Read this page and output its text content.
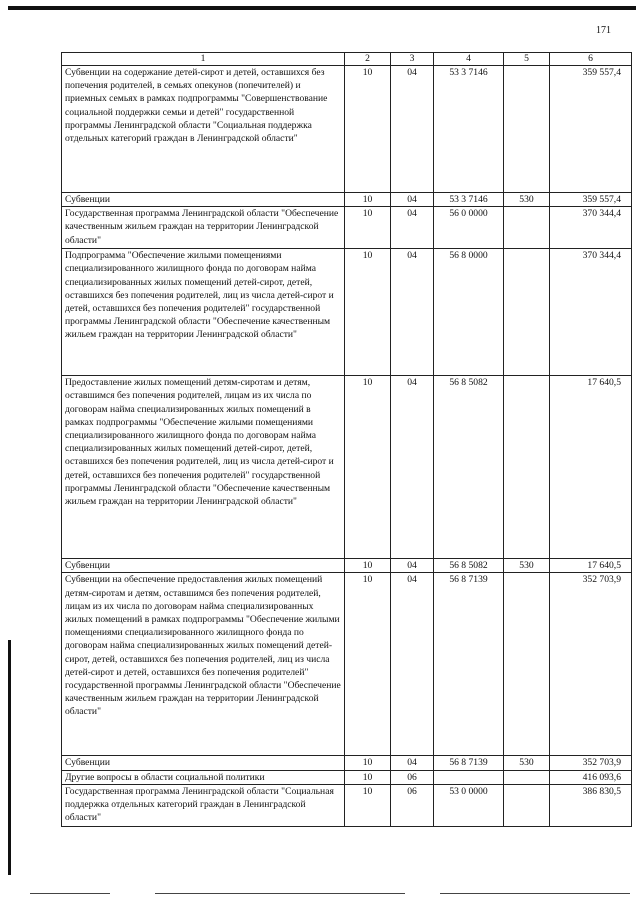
171
1	2	3	4	5	6
Субвенции на содержание детей-сирот и детей, оставшихся без попечения родителей, в семьях опекунов (попечителей) и приемных семьях в рамках подпрограммы "Совершенствование социальной поддержки семьи и детей" государственной программы Ленинградской области "Социальная поддержка отдельных категорий граждан в Ленинградской области"	10	04	53 3 7146		359 557,4
Субвенции	10	04	53 3 7146	530	359 557,4
Государственная программа Ленинградской области "Обеспечение качественным жильем граждан на территории Ленинградской области"	10	04	56 0 0000		370 344,4
Подпрограмма "Обеспечение жилыми помещениями специализированного жилищного фонда по договорам найма специализированных жилых помещений детей-сирот, детей, оставшихся без попечения родителей, лиц из числа детей-сирот и детей, оставшихся без попечения родителей" государственной программы Ленинградской области "Обеспечение качественным жильем граждан на территории Ленинградской области"	10	04	56 8 0000		370 344,4
Предоставление жилых помещений детям-сиротам и детям, оставшимся без попечения родителей, лицам из их числа по договорам найма специализированных жилых помещений в рамках подпрограммы "Обеспечение жилыми помещениями специализированного жилищного фонда по договорам найма специализированных жилых помещений детей-сирот, детей, оставшихся без попечения родителей, лиц из числа детей-сирот и детей, оставшихся без попечения родителей" государственной программы Ленинградской области "Обеспечение качественным жильем граждан на территории Ленинградской области"	10	04	56 8 5082		17 640,5
Субвенции	10	04	56 8 5082	530	17 640,5
Субвенции на обеспечение предоставления жилых помещений детям-сиротам и детям, оставшимся без попечения родителей, лицам из их числа по договорам найма специализированных жилых помещений в рамках подпрограммы "Обеспечение жилыми помещениями специализированного жилищного фонда по договорам найма специализированных жилых помещений детей-сирот, детей, оставшихся без попечения родителей, лиц из числа детей-сирот и детей, оставшихся без попечения родителей" государственной программы Ленинградской области "Обеспечение качественным жильем граждан на территории Ленинградской области"	10	04	56 8 7139		352 703,9
Субвенции	10	04	56 8 7139	530	352 703,9
Другие вопросы в области социальной политики	10	06			416 093,6
Государственная программа Ленинградской области "Социальная поддержка отдельных категорий граждан в Ленинградской области"	10	06	53 0 0000		386 830,5
